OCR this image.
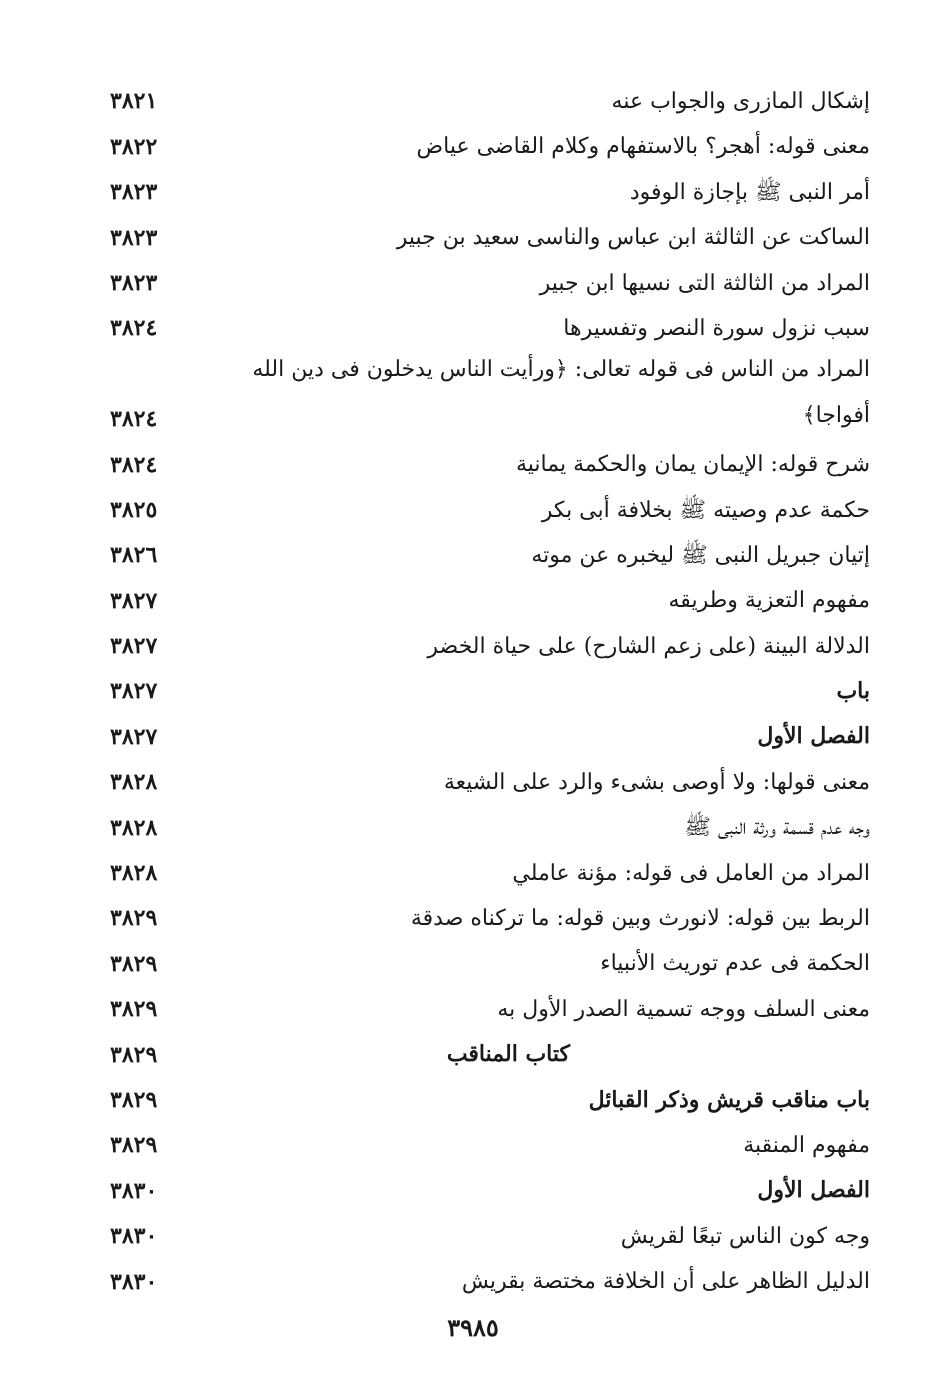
إشكال المازرى والجواب عنه
٣٨٢١
معنى قوله: أهجر؟ بالاستفهام وكلام القاضى عياض
٣٨٢٢
أمر النبى ﷺ بإجازة الوفود
٣٨٢٣
الساكت عن الثالثة ابن عباس والناسى سعيد بن جبير
٣٨٢٣
المراد من الثالثة التى نسيها ابن جبير
٣٨٢٣
سبب نزول سورة النصر وتفسيرها
٣٨٢٤
المراد من الناس فى قوله تعالى: ﴿ورأيت الناس يدخلون فى دين الله أفواجا﴾
٣٨٢٤
شرح قوله: الإيمان يمان والحكمة يمانية
٣٨٢٤
حكمة عدم وصيته ﷺ بخلافة أبى بكر
٣٨٢٥
إتيان جبريل النبى ﷺ ليخبره عن موته
٣٨٢٦
مفهوم التعزية وطريقه
٣٨٢٧
الدلالة البينة (على زعم الشارح) على حياة الخضر
٣٨٢٧
باب
٣٨٢٧
الفصل الأول
٣٨٢٧
معنى قولها: ولا أوصى بشىء والرد على الشيعة
٣٨٢٨
وجه عدم قسمة ورثة النبى ﷺ
٣٨٢٨
المراد من العامل فى قوله: مؤنة عاملي
٣٨٢٨
الربط بين قوله: لانورث وبين قوله: ما تركناه صدقة
٣٨٢٩
الحكمة فى عدم توريث الأنبياء
٣٨٢٩
معنى السلف ووجه تسمية الصدر الأول به
٣٨٢٩
كتاب المناقب
٣٨٢٩
باب مناقب قريش وذكر القبائل
٣٨٢٩
مفهوم المنقبة
٣٨٢٩
الفصل الأول
٣٨٣٠
وجه كون الناس تبعًا لقريش
٣٨٣٠
الدليل الظاهر على أن الخلافة مختصة بقريش
٣٨٣٠
٣٩٨٥
